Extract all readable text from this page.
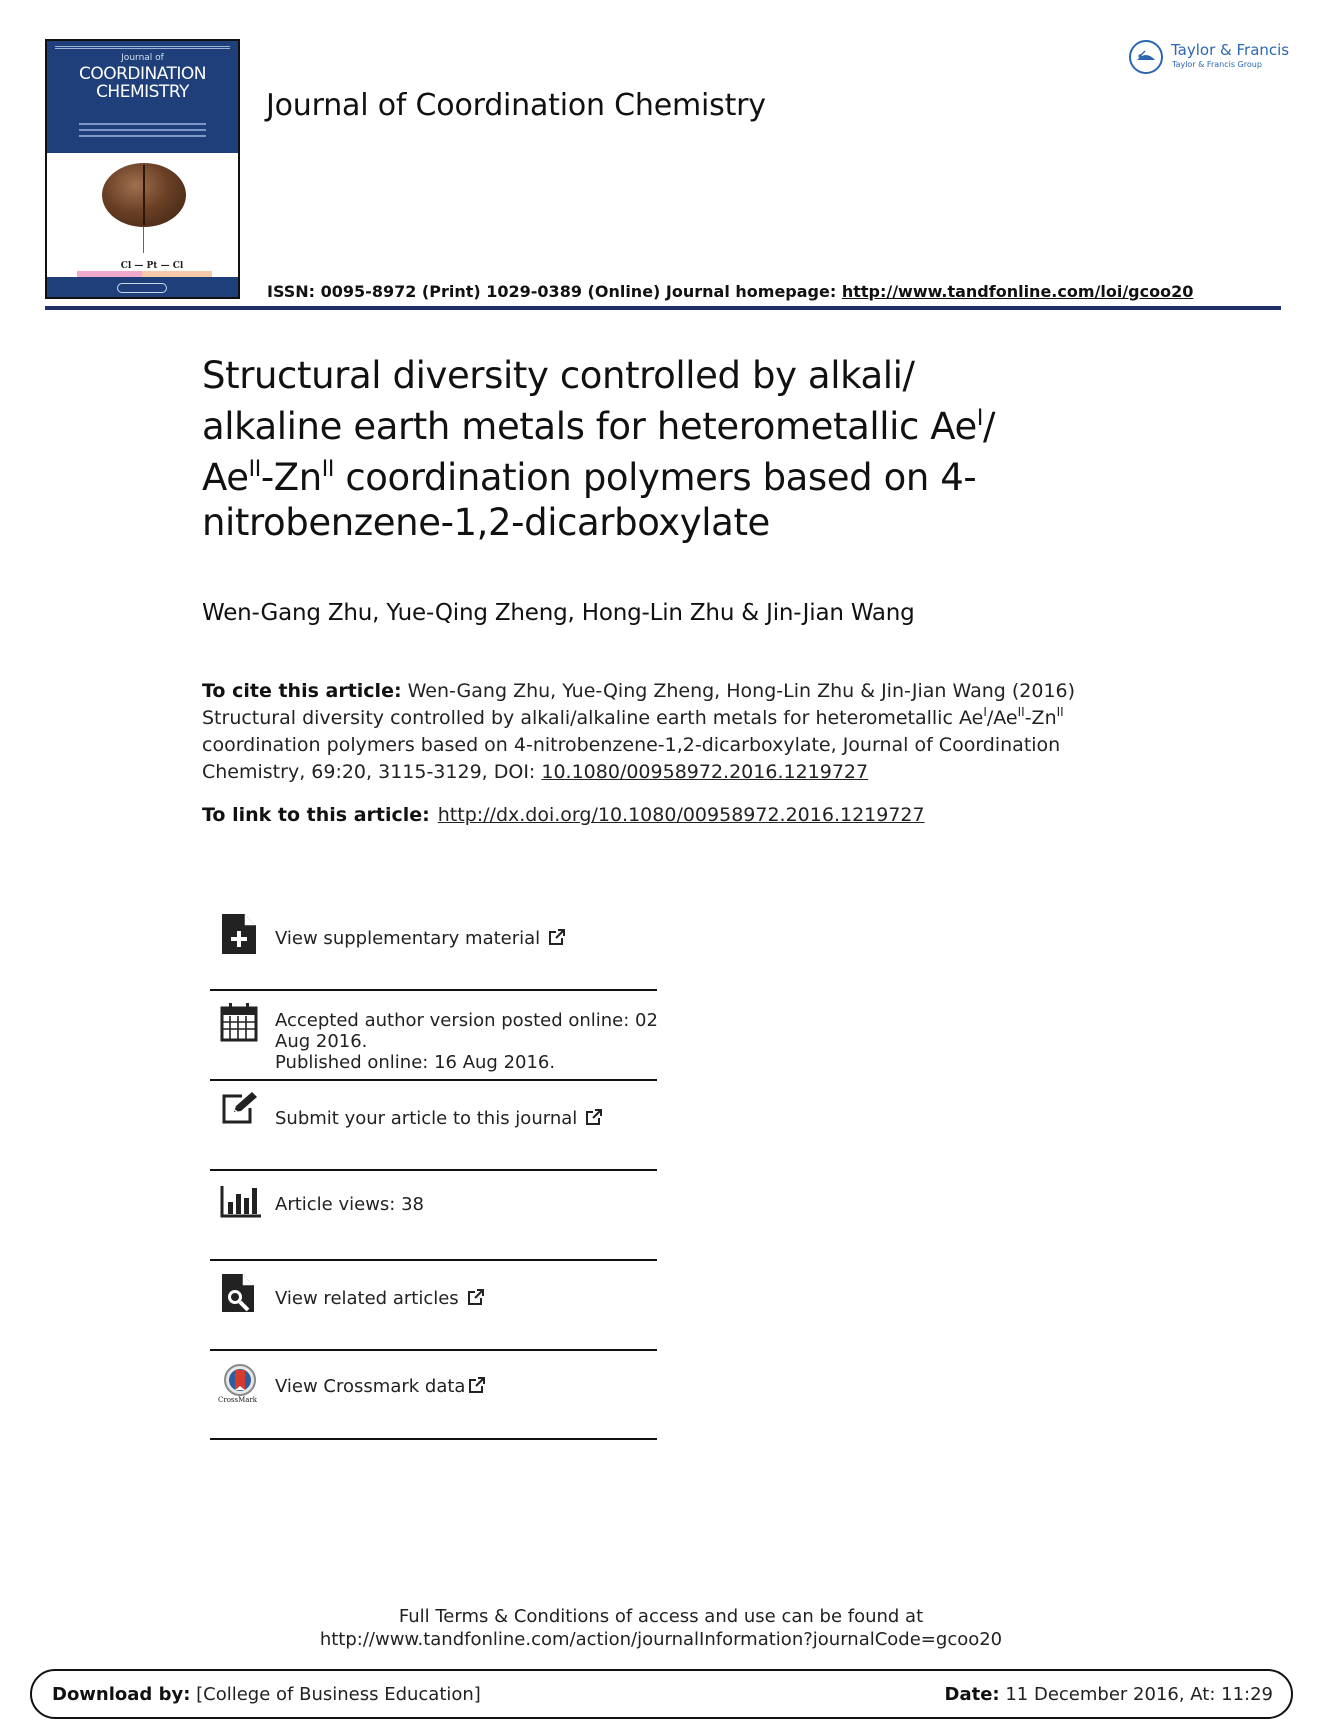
Journal of
COORDINATION
CHEMISTRY
Cl — Pt — Cl
Journal of Coordination Chemistry
ISSN: 0095-8972 (Print) 1029-0389 (Online) Journal homepage: http://www.tandfonline.com/loi/gcoo20
Taylor & Francis
Taylor & Francis Group
Structural diversity controlled by alkali/
alkaline earth metals for heterometallic $Ae^I/$
$Ae^{II}-Zn^{II}$ coordination polymers based on 4-
nitrobenzene-1,2-dicarboxylate
Wen-Gang Zhu, Yue-Qing Zheng, Hong-Lin Zhu & Jin-Jian Wang
To cite this article: Wen-Gang Zhu, Yue-Qing Zheng, Hong-Lin Zhu & Jin-Jian Wang (2016)
Structural diversity controlled by alkali/alkaline earth metals for heterometallic $Ae^I/Ae^{II}-Zn^{II}$
coordination polymers based on 4-nitrobenzene-1,2-dicarboxylate, Journal of Coordination
Chemistry, 69:20, 3115-3129, DOI: 10.1080/00958972.2016.1219727
To link to this article: http://dx.doi.org/10.1080/00958972.2016.1219727
View supplementary material
Accepted author version posted online: 02
Aug 2016.
Published online: 16 Aug 2016.
Submit your article to this journal
Article views: 38
View related articles
CrossMark
View Crossmark data
Full Terms & Conditions of access and use can be found at
http://www.tandfonline.com/action/journalInformation?journalCode=gcoo20
Download by: [College of Business Education]	Date: 11 December 2016, At: 11:29
